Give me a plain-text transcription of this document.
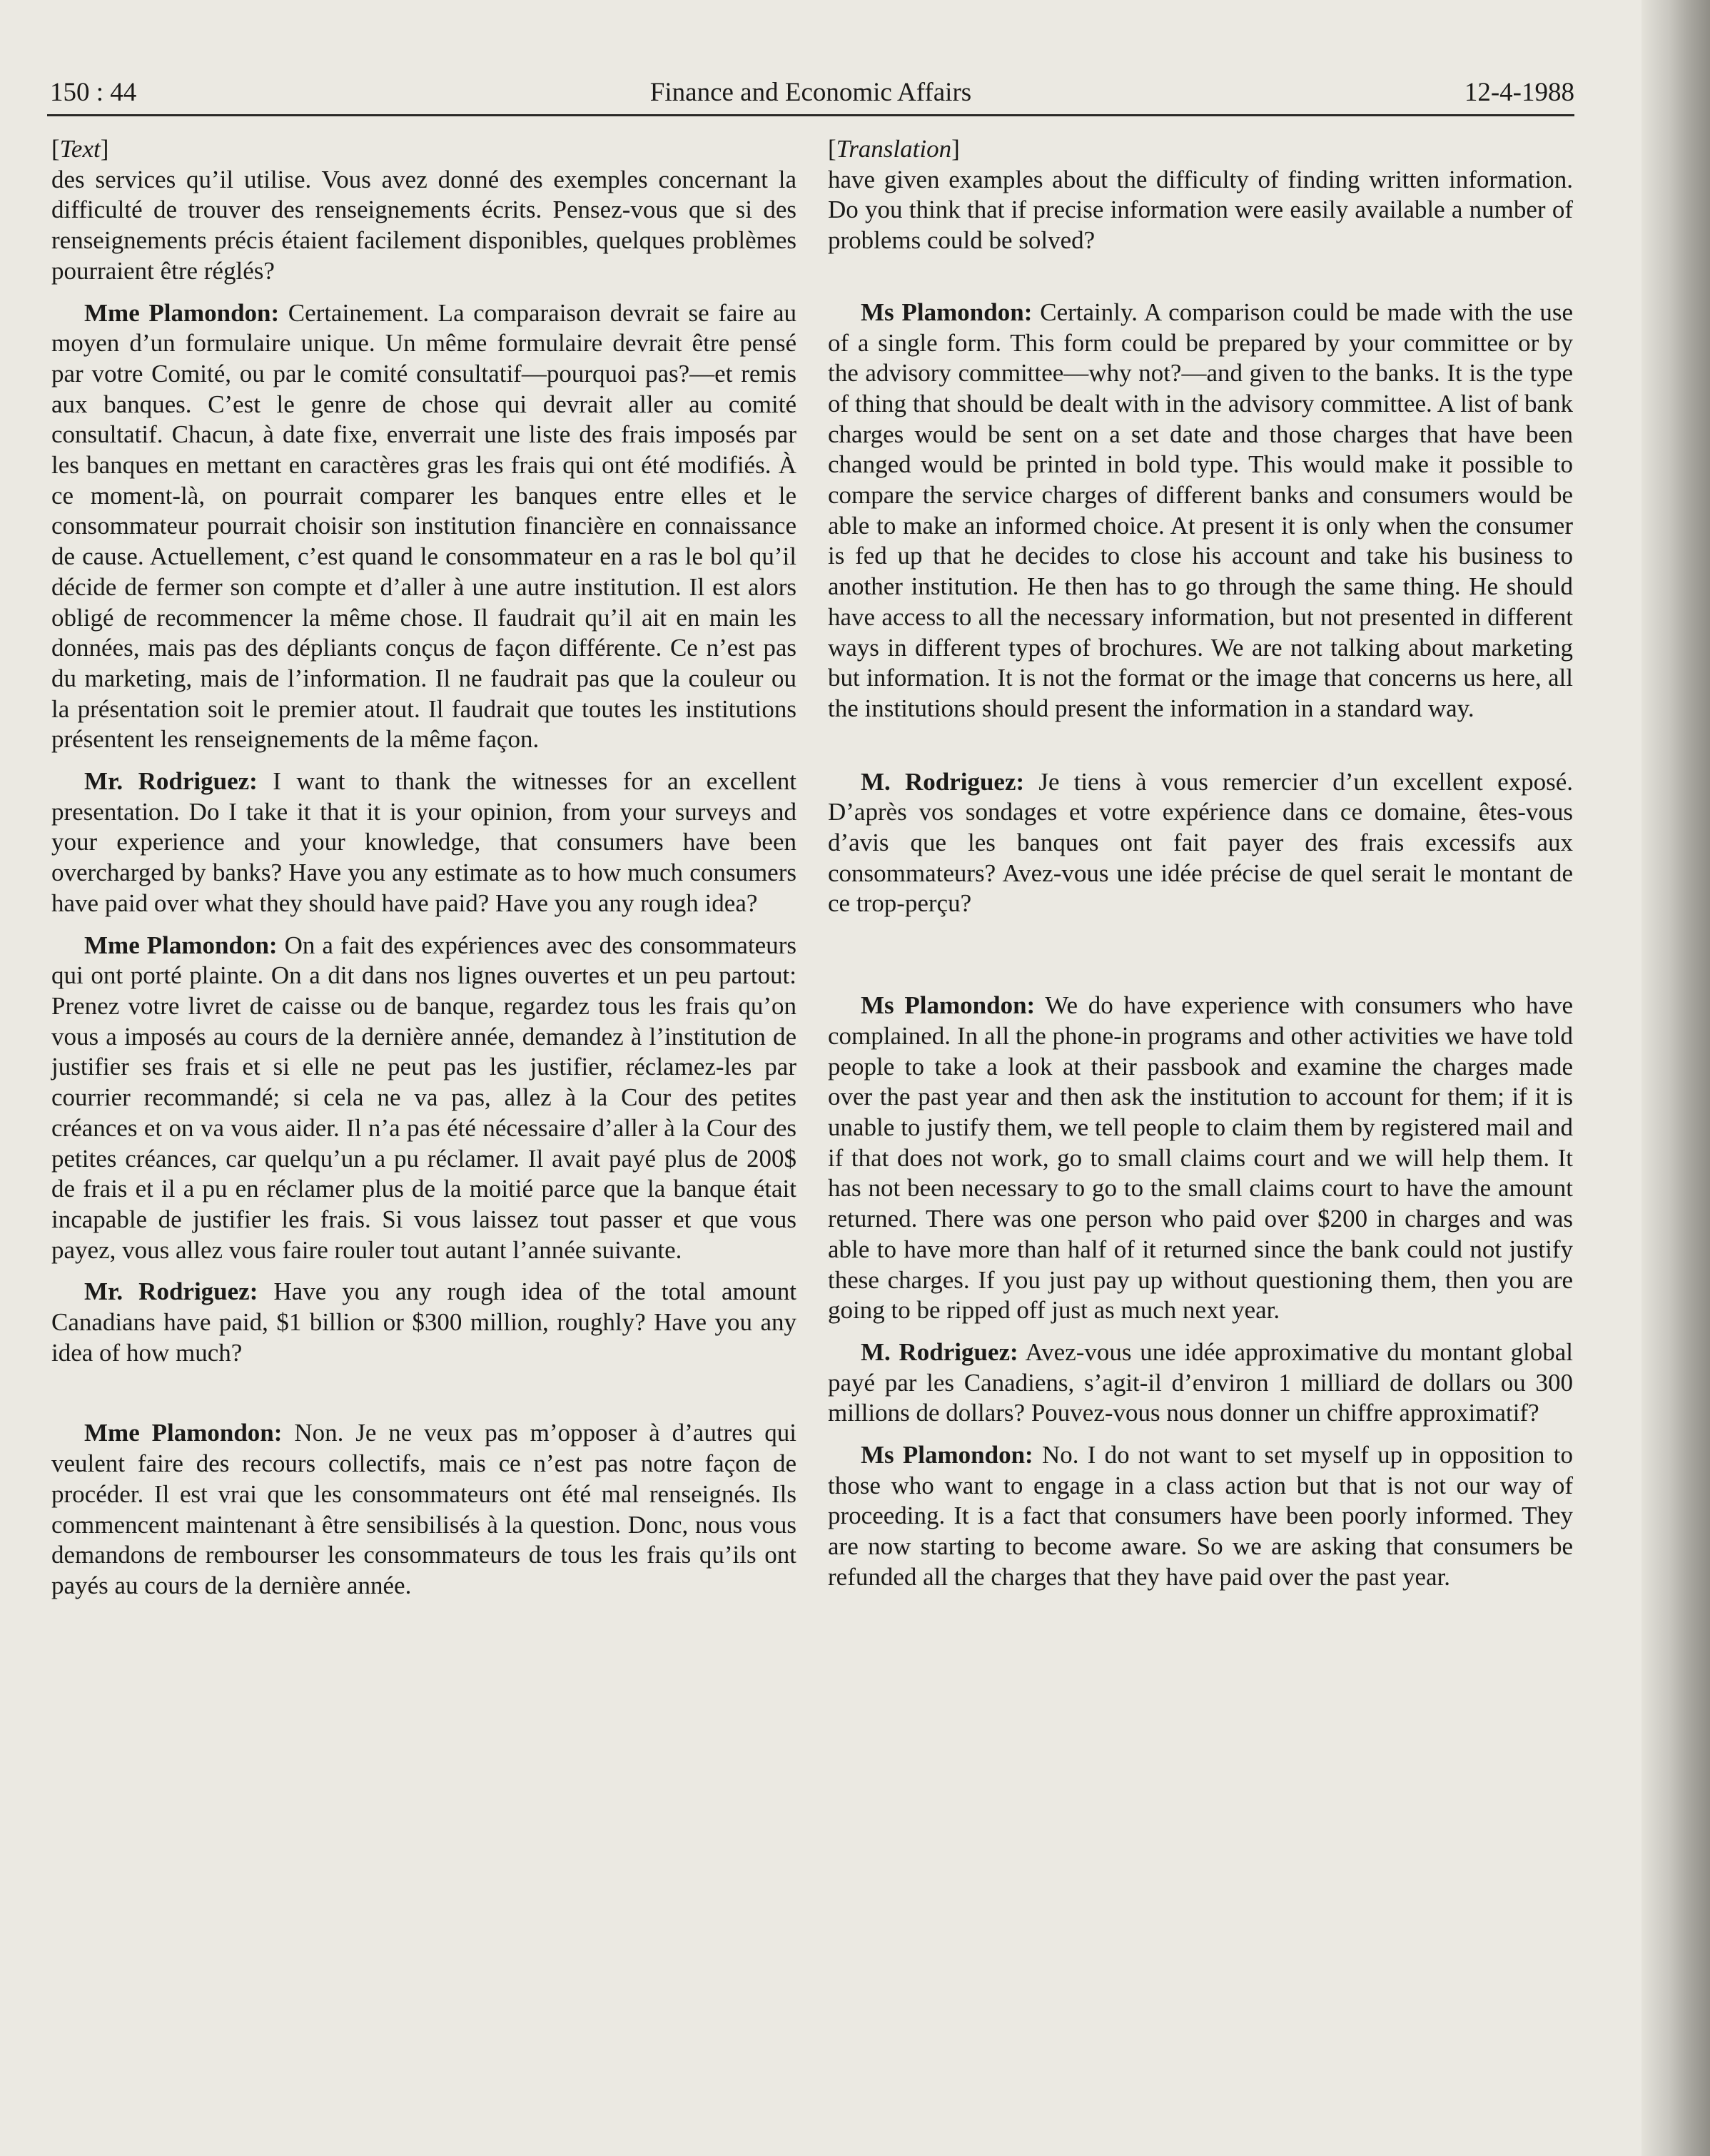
150 : 44	Finance and Economic Affairs	12-4-1988

[Text]

des services qu’il utilise. Vous avez donné des exemples concernant la difficulté de trouver des renseignements écrits. Pensez-vous que si des renseignements précis étaient facilement disponibles, quelques problèmes pourraient être réglés?

Mme Plamondon: Certainement. La comparaison devrait se faire au moyen d’un formulaire unique. Un même formulaire devrait être pensé par votre Comité, ou par le comité consultatif—pourquoi pas?—et remis aux banques. C’est le genre de chose qui devrait aller au comité consultatif. Chacun, à date fixe, enverrait une liste des frais imposés par les banques en mettant en caractères gras les frais qui ont été modifiés. À ce moment-là, on pourrait comparer les banques entre elles et le consommateur pourrait choisir son institution financière en connaissance de cause. Actuellement, c’est quand le consommateur en a ras le bol qu’il décide de fermer son compte et d’aller à une autre institution. Il est alors obligé de recommencer la même chose. Il faudrait qu’il ait en main les données, mais pas des dépliants conçus de façon différente. Ce n’est pas du marketing, mais de l’information. Il ne faudrait pas que la couleur ou la présentation soit le premier atout. Il faudrait que toutes les institutions présentent les renseignements de la même façon.

Mr. Rodriguez: I want to thank the witnesses for an excellent presentation. Do I take it that it is your opinion, from your surveys and your experience and your knowledge, that consumers have been overcharged by banks? Have you any estimate as to how much consumers have paid over what they should have paid? Have you any rough idea?

Mme Plamondon: On a fait des expériences avec des consommateurs qui ont porté plainte. On a dit dans nos lignes ouvertes et un peu partout: Prenez votre livret de caisse ou de banque, regardez tous les frais qu’on vous a imposés au cours de la dernière année, demandez à l’institution de justifier ses frais et si elle ne peut pas les justifier, réclamez-les par courrier recommandé; si cela ne va pas, allez à la Cour des petites créances et on va vous aider. Il n’a pas été nécessaire d’aller à la Cour des petites créances, car quelqu’un a pu réclamer. Il avait payé plus de 200$ de frais et il a pu en réclamer plus de la moitié parce que la banque était incapable de justifier les frais. Si vous laissez tout passer et que vous payez, vous allez vous faire rouler tout autant l’année suivante.

Mr. Rodriguez: Have you any rough idea of the total amount Canadians have paid, $1 billion or $300 million, roughly? Have you any idea of how much?

Mme Plamondon: Non. Je ne veux pas m’opposer à d’autres qui veulent faire des recours collectifs, mais ce n’est pas notre façon de procéder. Il est vrai que les consommateurs ont été mal renseignés. Ils commencent maintenant à être sensibilisés à la question. Donc, nous vous demandons de rembourser les consommateurs de tous les frais qu’ils ont payés au cours de la dernière année.

[Translation]

have given examples about the difficulty of finding written information. Do you think that if precise information were easily available a number of problems could be solved?

Ms Plamondon: Certainly. A comparison could be made with the use of a single form. This form could be prepared by your committee or by the advisory committee—why not?—and given to the banks. It is the type of thing that should be dealt with in the advisory committee. A list of bank charges would be sent on a set date and those charges that have been changed would be printed in bold type. This would make it possible to compare the service charges of different banks and consumers would be able to make an informed choice. At present it is only when the consumer is fed up that he decides to close his account and take his business to another institution. He then has to go through the same thing. He should have access to all the necessary information, but not presented in different ways in different types of brochures. We are not talking about marketing but information. It is not the format or the image that concerns us here, all the institutions should present the information in a standard way.

M. Rodriguez: Je tiens à vous remercier d’un excellent exposé. D’après vos sondages et votre expérience dans ce domaine, êtes-vous d’avis que les banques ont fait payer des frais excessifs aux consommateurs? Avez-vous une idée précise de quel serait le montant de ce trop-perçu?

Ms Plamondon: We do have experience with consumers who have complained. In all the phone-in programs and other activities we have told people to take a look at their passbook and examine the charges made over the past year and then ask the institution to account for them; if it is unable to justify them, we tell people to claim them by registered mail and if that does not work, go to small claims court and we will help them. It has not been necessary to go to the small claims court to have the amount returned. There was one person who paid over $200 in charges and was able to have more than half of it returned since the bank could not justify these charges. If you just pay up without questioning them, then you are going to be ripped off just as much next year.

M. Rodriguez: Avez-vous une idée approximative du montant global payé par les Canadiens, s’agit-il d’environ 1 milliard de dollars ou 300 millions de dollars? Pouvez-vous nous donner un chiffre approximatif?

Ms Plamondon: No. I do not want to set myself up in opposition to those who want to engage in a class action but that is not our way of proceeding. It is a fact that consumers have been poorly informed. They are now starting to become aware. So we are asking that consumers be refunded all the charges that they have paid over the past year.
